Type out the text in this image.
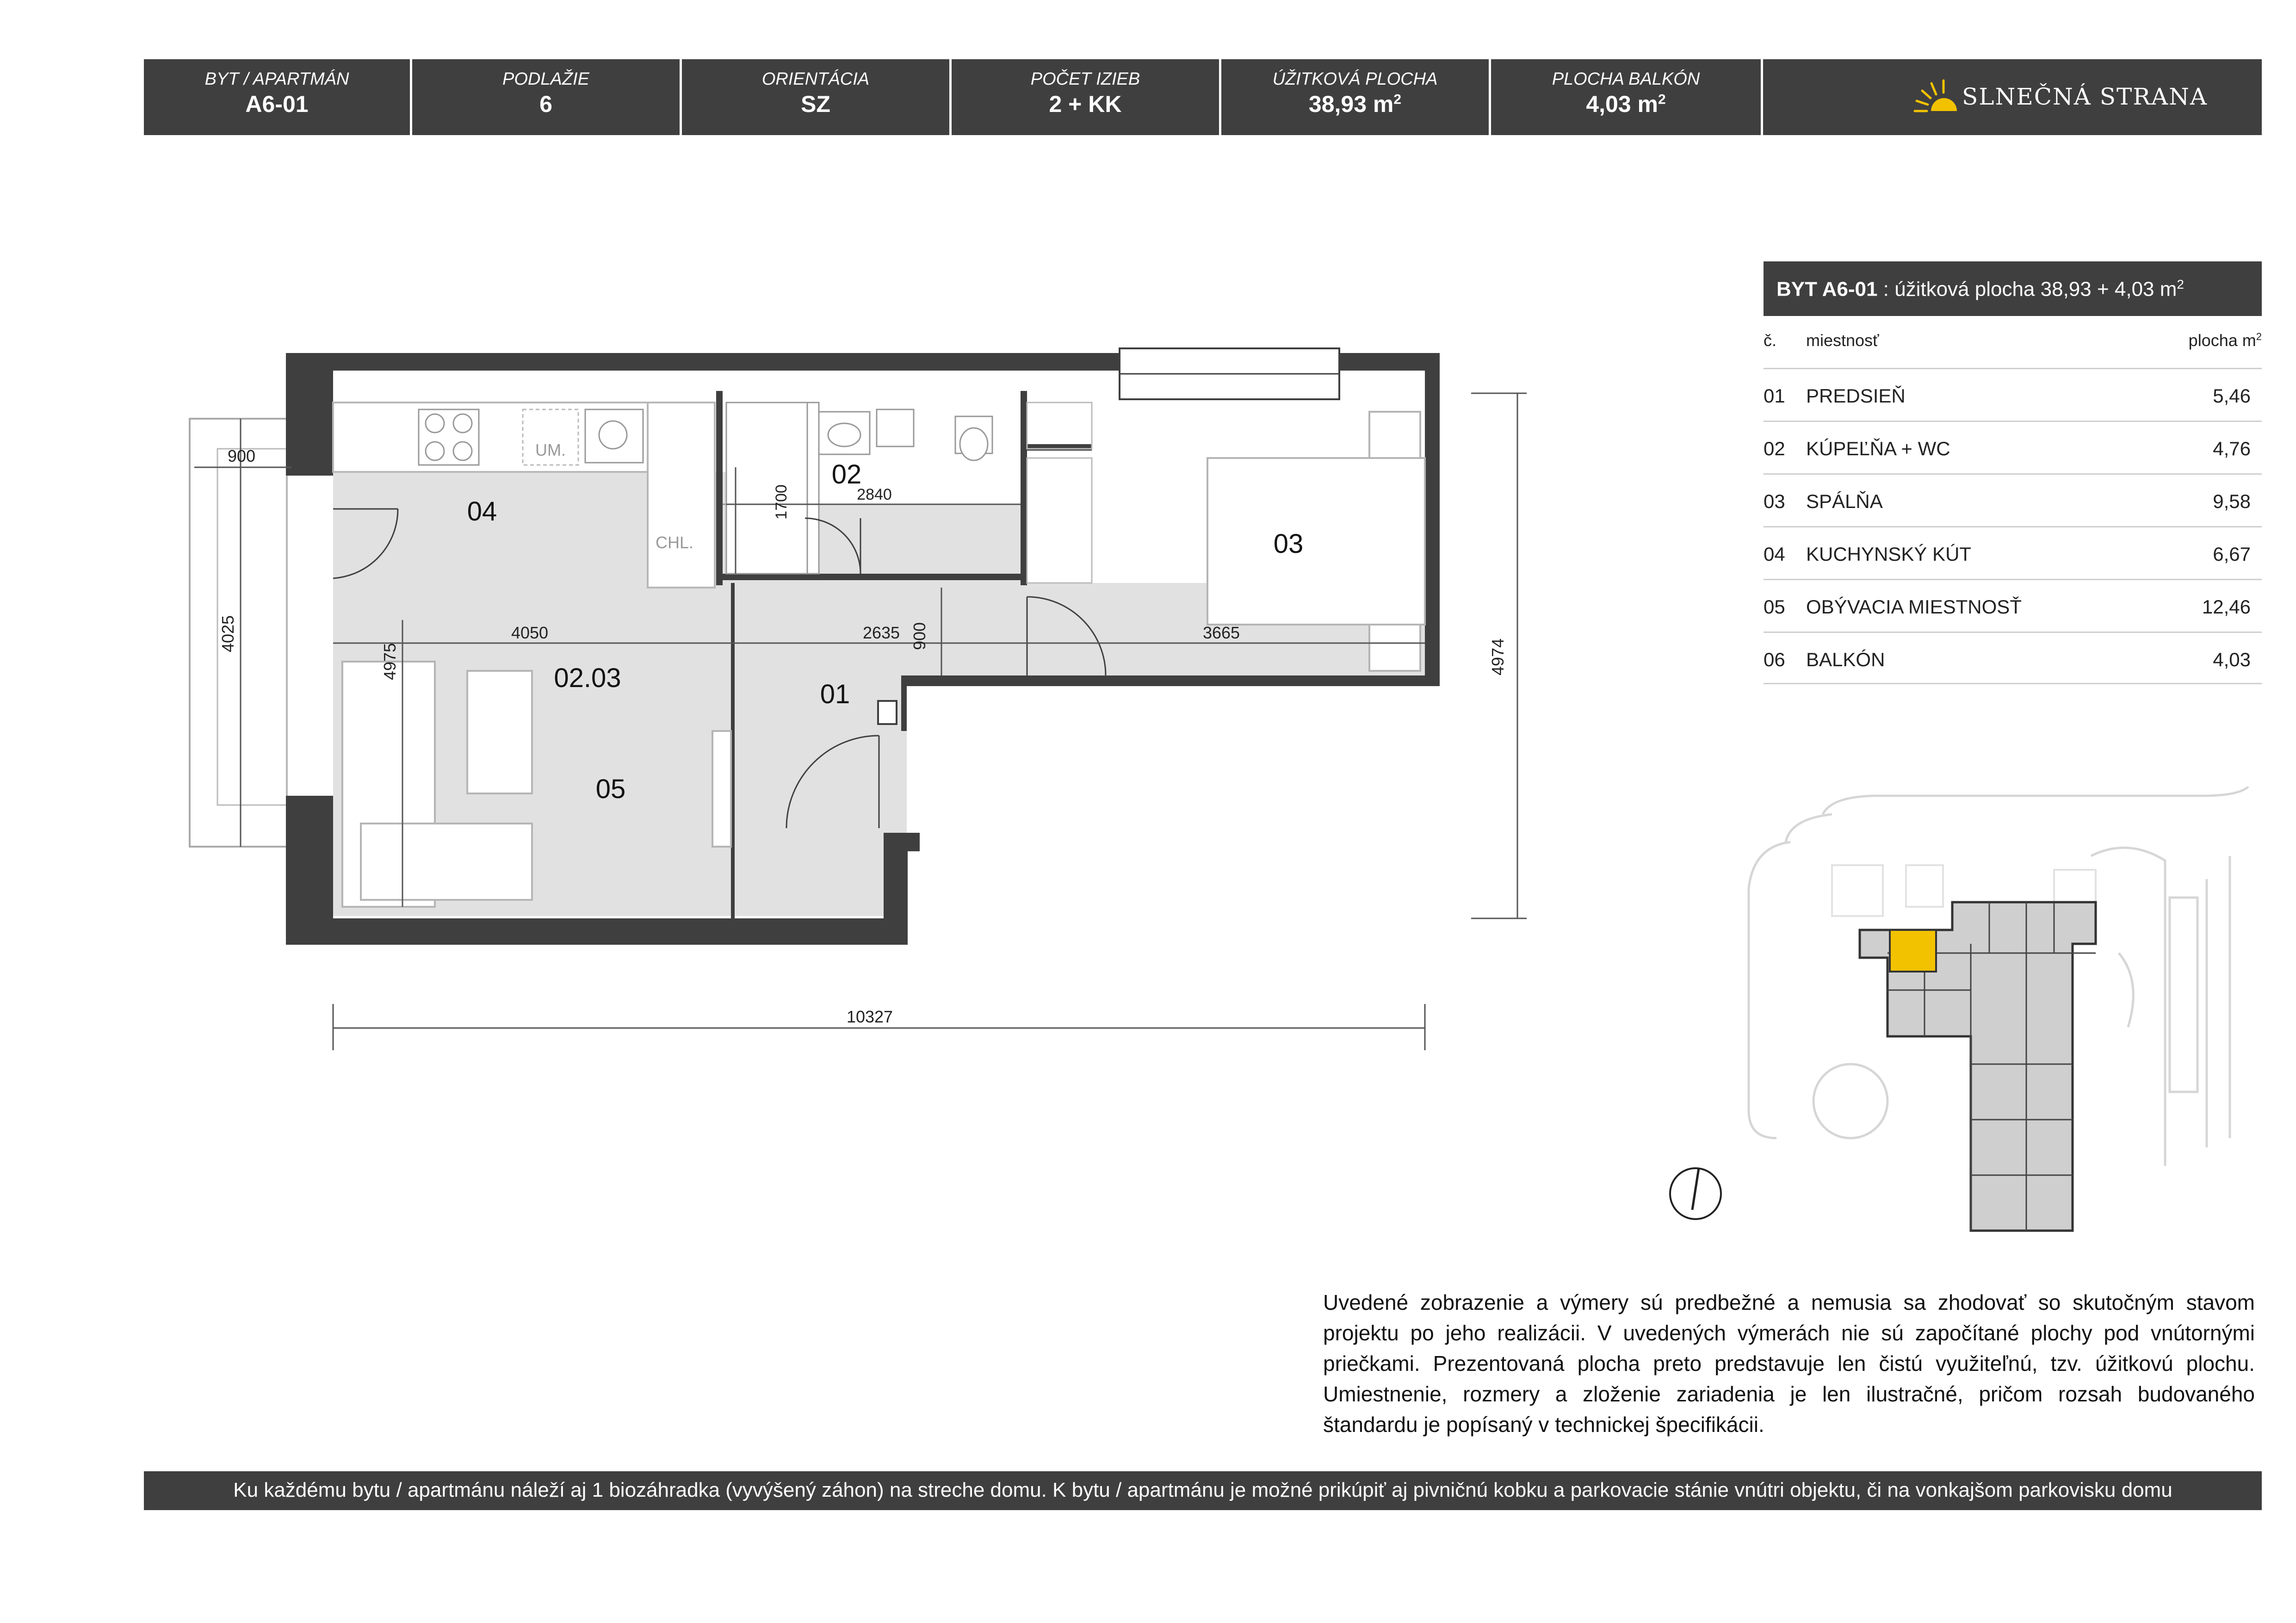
BYT / APARTMÁN
A6-01
PODLAŽIE
6
ORIENTÁCIA
SZ
POČET IZIEB
2 + KK
ÚŽITKOVÁ PLOCHA
38,93 $m^2$
PLOCHA BALKÓN
4,03 $m^2$	SLNEČNÁ STRANA
UM.
CHL.
900
4025
1700	2840
4050
4975
2635 900	3665
4974
10327
04
02
03
02.03
01
05
BYT A6-01 : úžitková plocha 38,93 + 4,03 $m^2$
č. miestnosť	plocha $m^2$
01 PREDSIEŇ	5,46
02 KÚPEĽŇA + WC	4,76
03 SPÁLŇA	9,58
04 KUCHYNSKÝ KÚT	6,67
05 OBÝVACIA MIESTNOSŤ	12,46
06 BALKÓN	4,03
Uvedené zobrazenie a výmery sú predbežné a nemusia sa zhodovať so skutočným stavom projektu po jeho realizácii. V uvedených výmerách nie sú započítané plochy pod vnútornými priečkami. Prezentovaná plocha preto predstavuje len čistú využiteľnú, tzv. úžitkovú plochu. Umiestnenie, rozmery a zloženie zariadenia je len ilustračné, pričom rozsah budovaného štandardu je popísaný v technickej špecifikácii.
Ku každému bytu / apartmánu náleží aj 1 biozáhradka (vyvýšený záhon) na streche domu. K bytu / apartmánu je možné prikúpiť aj pivničnú kobku a parkovacie stánie vnútri objektu, či na vonkajšom parkovisku domu
